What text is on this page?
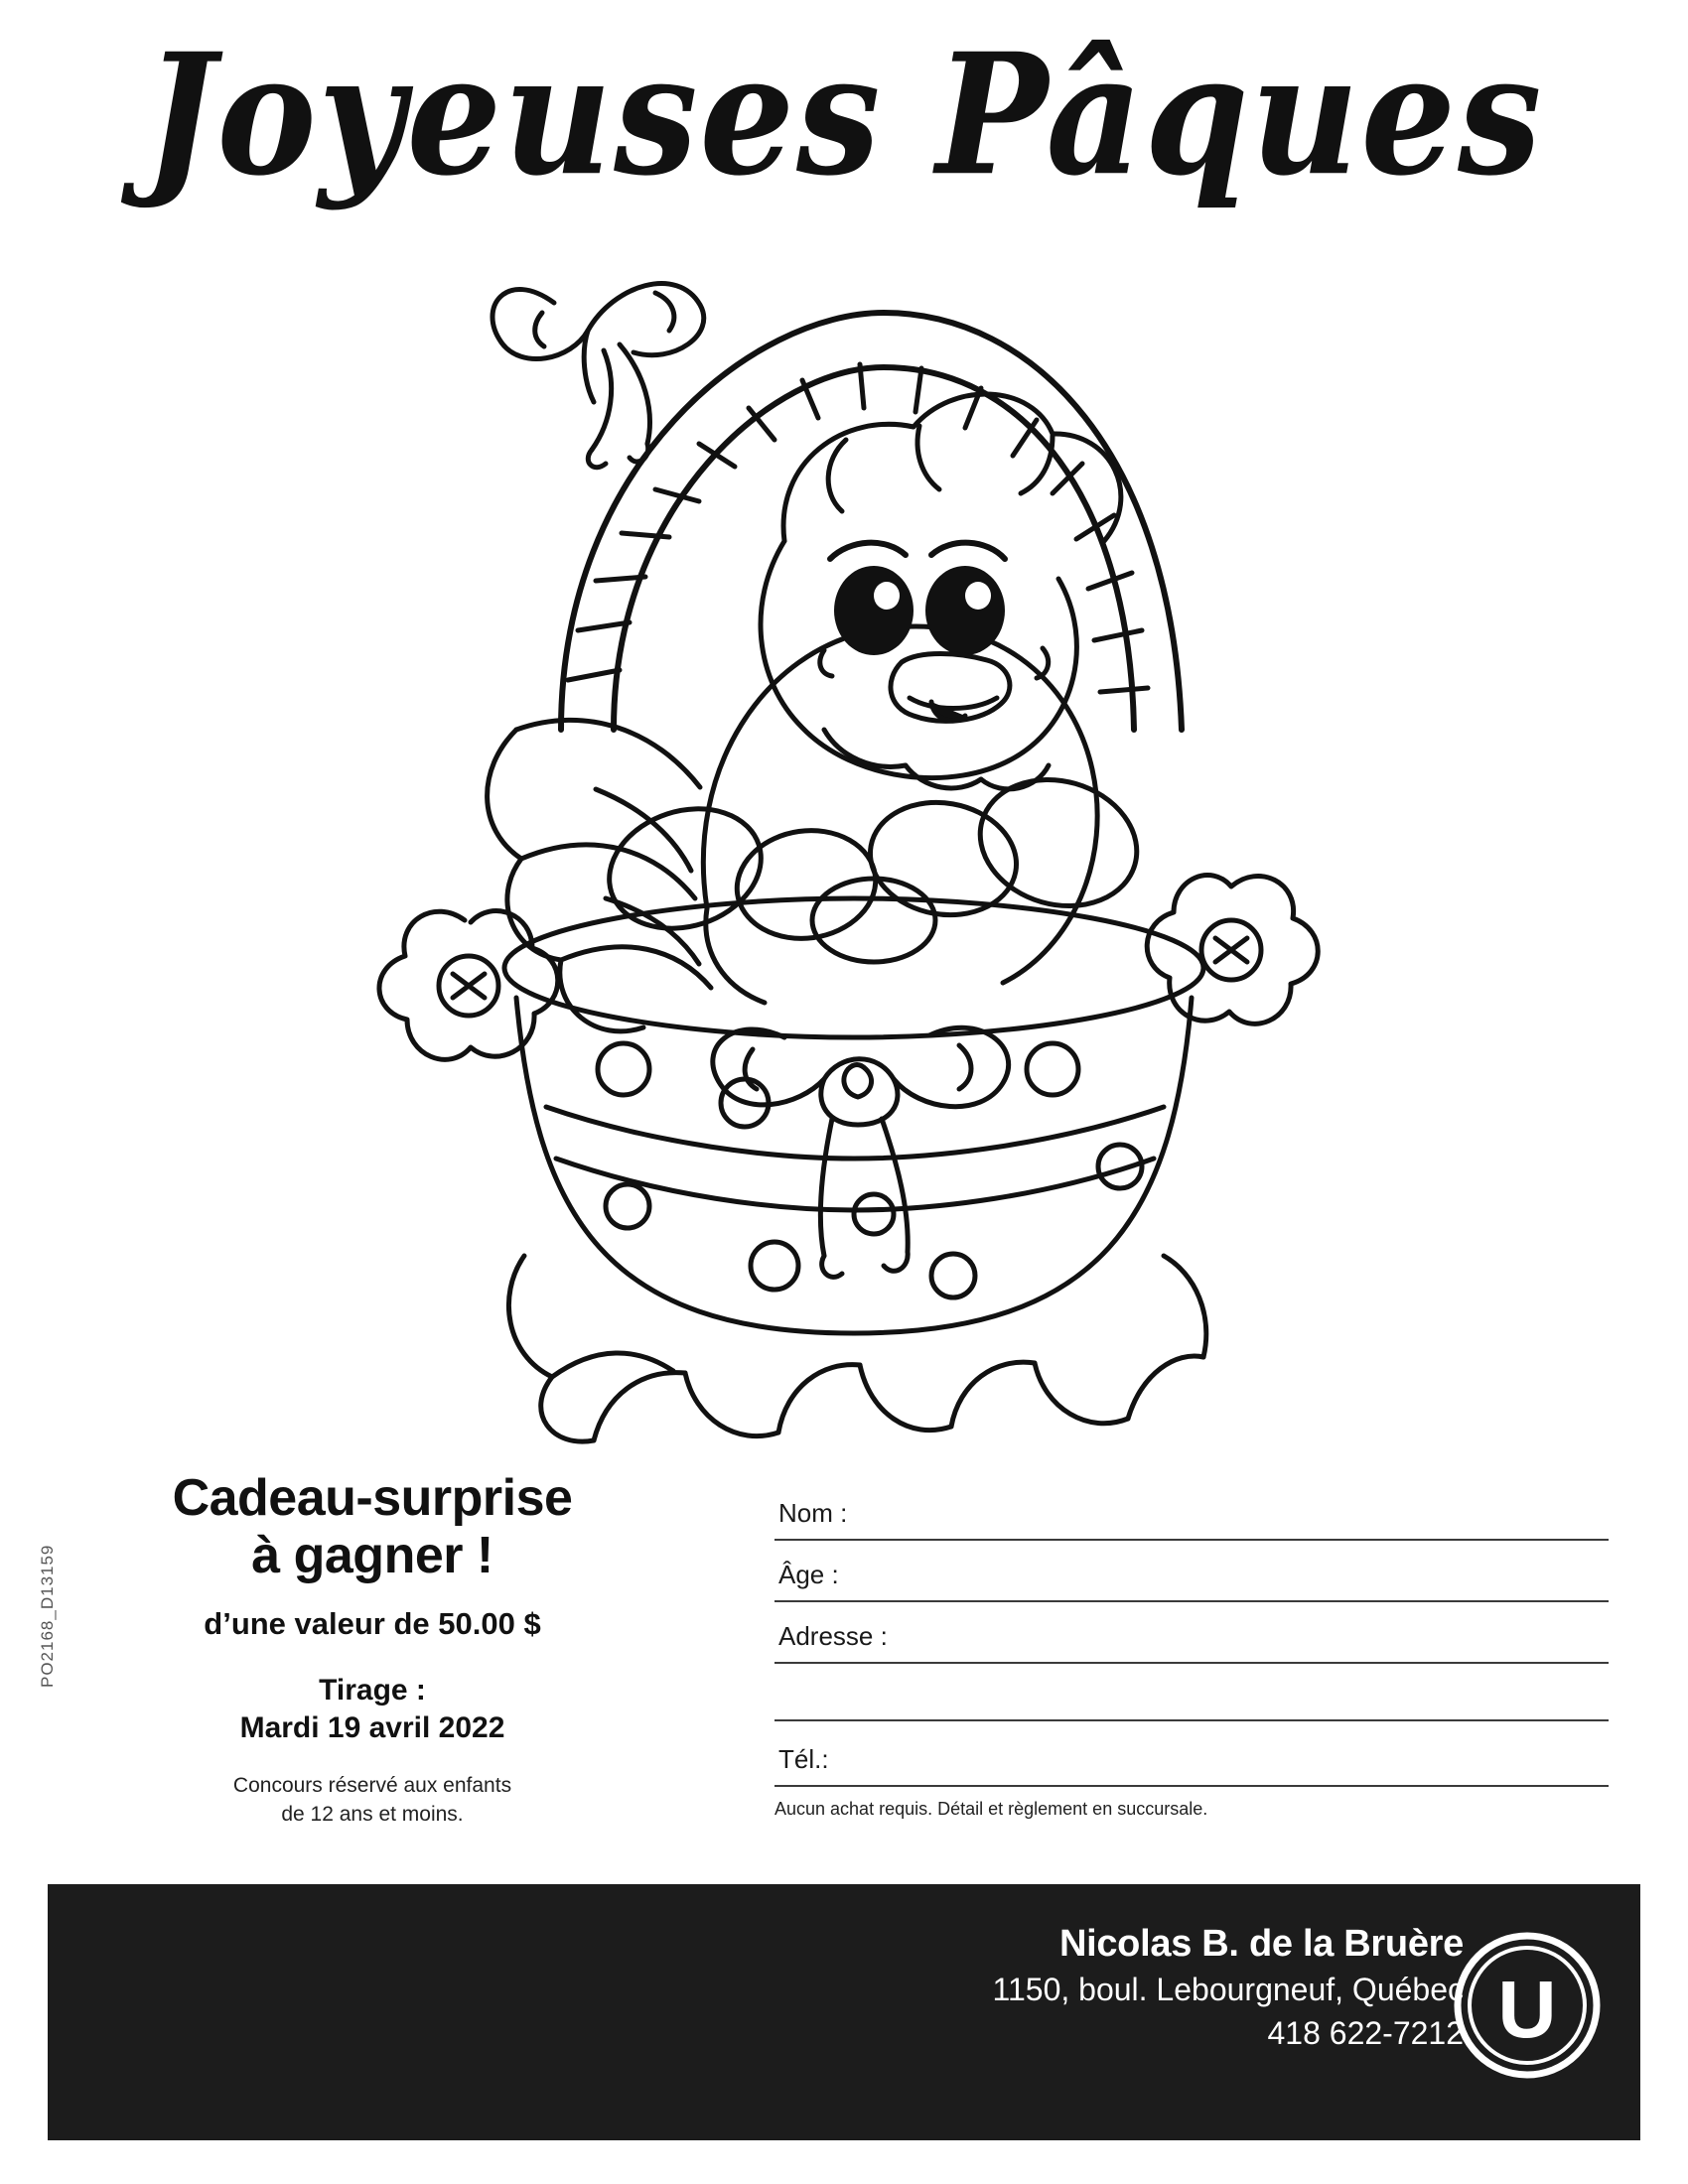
Joyeuses Pâques
PO2168_D13159
Cadeau-surprise
à gagner !
d’une valeur de 50.00 $
Tirage :
Mardi 19 avril 2022
Concours réservé aux enfants
de 12 ans et moins.
Nom :
Âge :
Adresse :
Tél.:
Aucun achat requis. Détail et règlement en succursale.
Nicolas B. de la Bruère
1150, boul. Lebourgneuf, Québec
418 622-7212 U
